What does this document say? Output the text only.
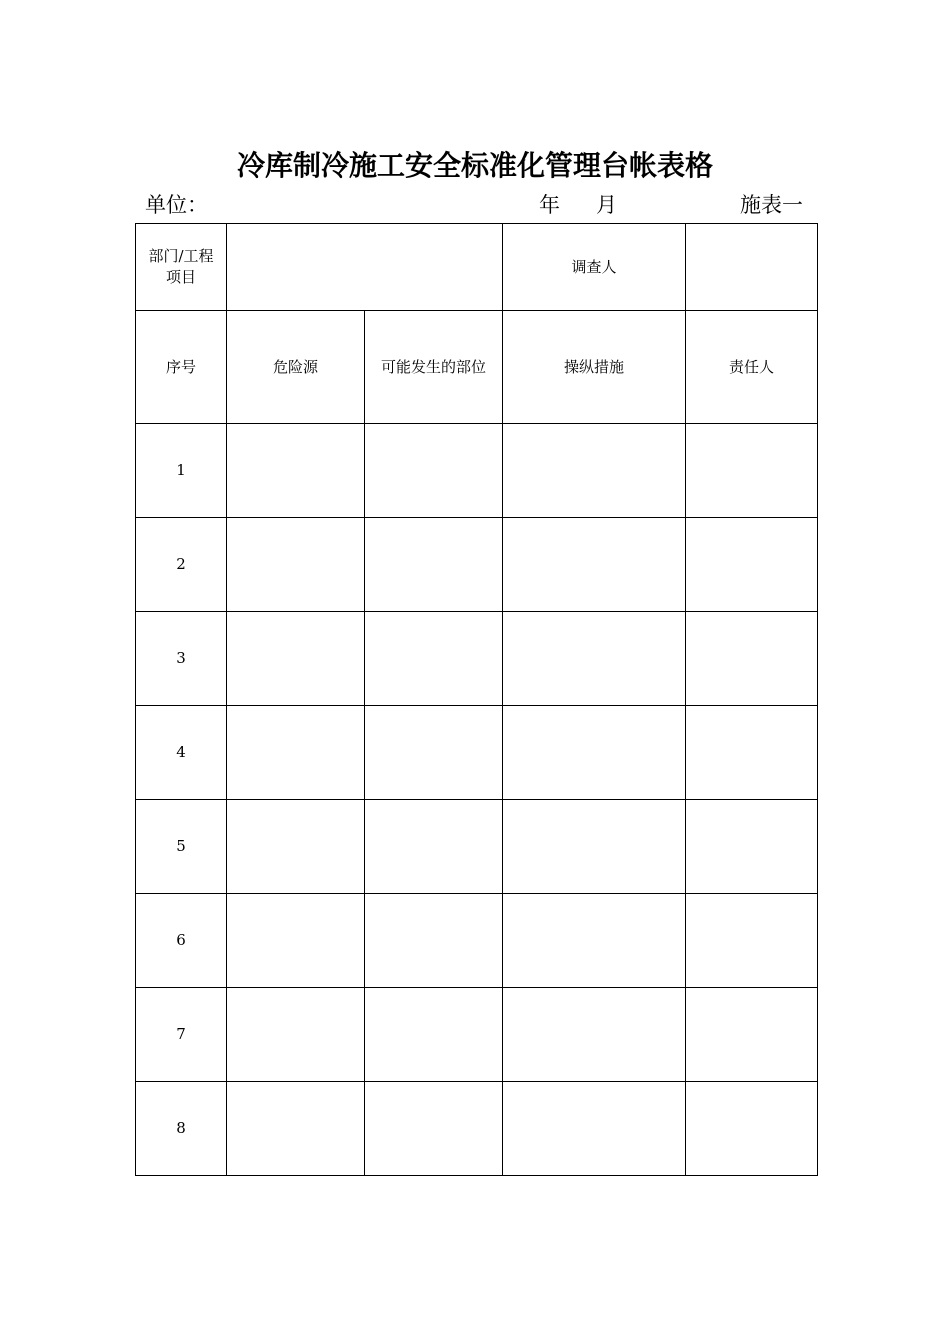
冷库制冷施工安全标准化管理台帐表格
单位：	年 月	施表一
部门/工程
项目			调查人	
序号	危险源	可能发生的部位	操纵措施	责任人
1				
2				
3				
4				
5				
6				
7				
8				
